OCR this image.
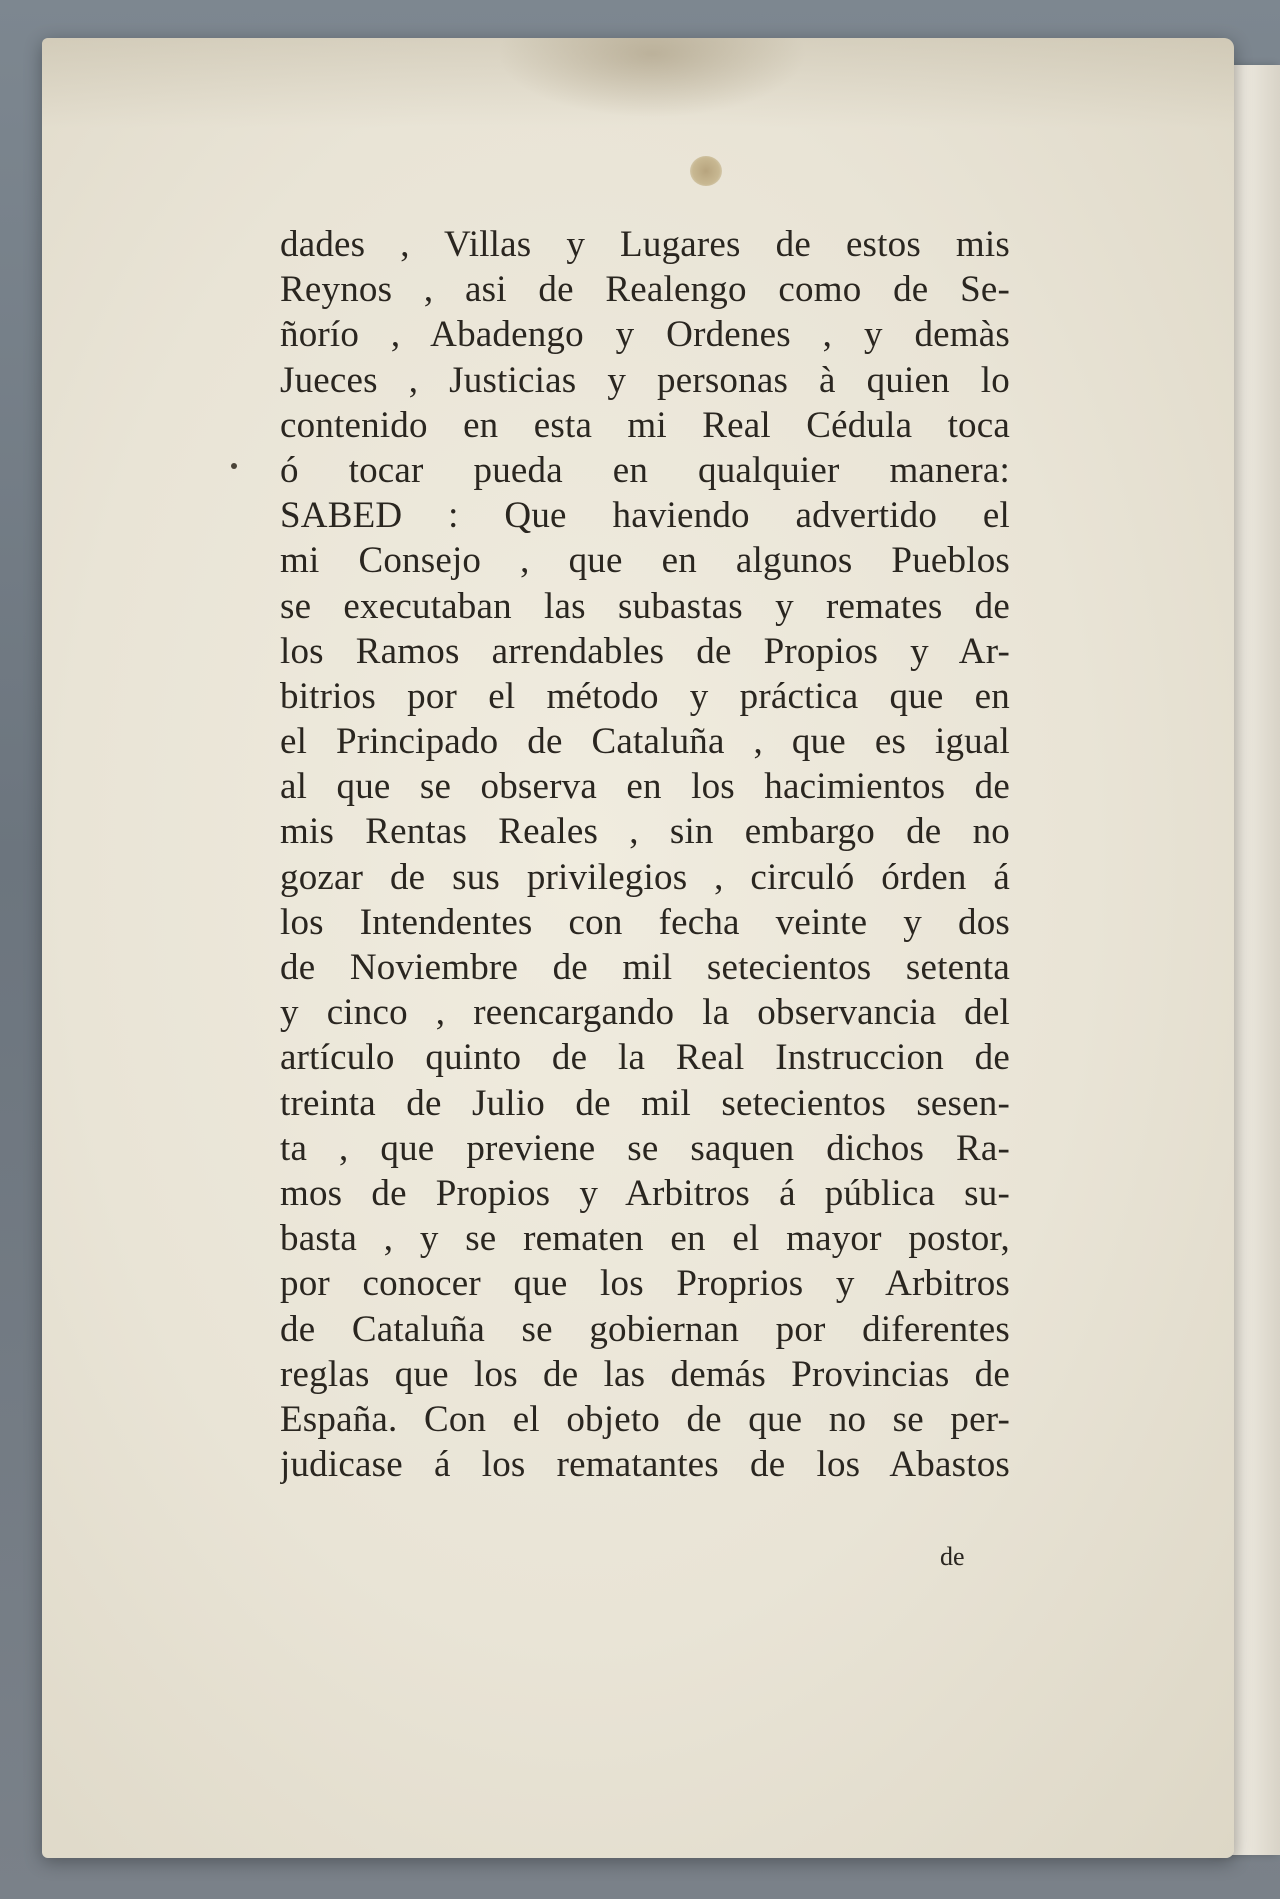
dades , Villas y Lugares de estos mis
Reynos , asi de Realengo como de Se-
ñorío , Abadengo y Ordenes , y demàs
Jueces , Justicias y personas à quien lo
contenido en esta mi Real Cédula toca
ó tocar pueda en qualquier manera:
SABED : Que haviendo advertido el
mi Consejo , que en algunos Pueblos
se executaban las subastas y remates de
los Ramos arrendables de Propios y Ar-
bitrios por el método y práctica que en
el Principado de Cataluña , que es igual
al que se observa en los hacimientos de
mis Rentas Reales , sin embargo de no
gozar de sus privilegios , circuló órden á
los Intendentes con fecha veinte y dos
de Noviembre de mil setecientos setenta
y cinco , reencargando la observancia del
artículo quinto de la Real Instruccion de
treinta de Julio de mil setecientos sesen-
ta , que previene se saquen dichos Ra-
mos de Propios y Arbitros á pública su-
basta , y se rematen en el mayor postor,
por conocer que los Proprios y Arbitros
de Cataluña se gobiernan por diferentes
reglas que los de las demás Provincias de
España. Con el objeto de que no se per-
judicase á los rematantes de los Abastos
de
